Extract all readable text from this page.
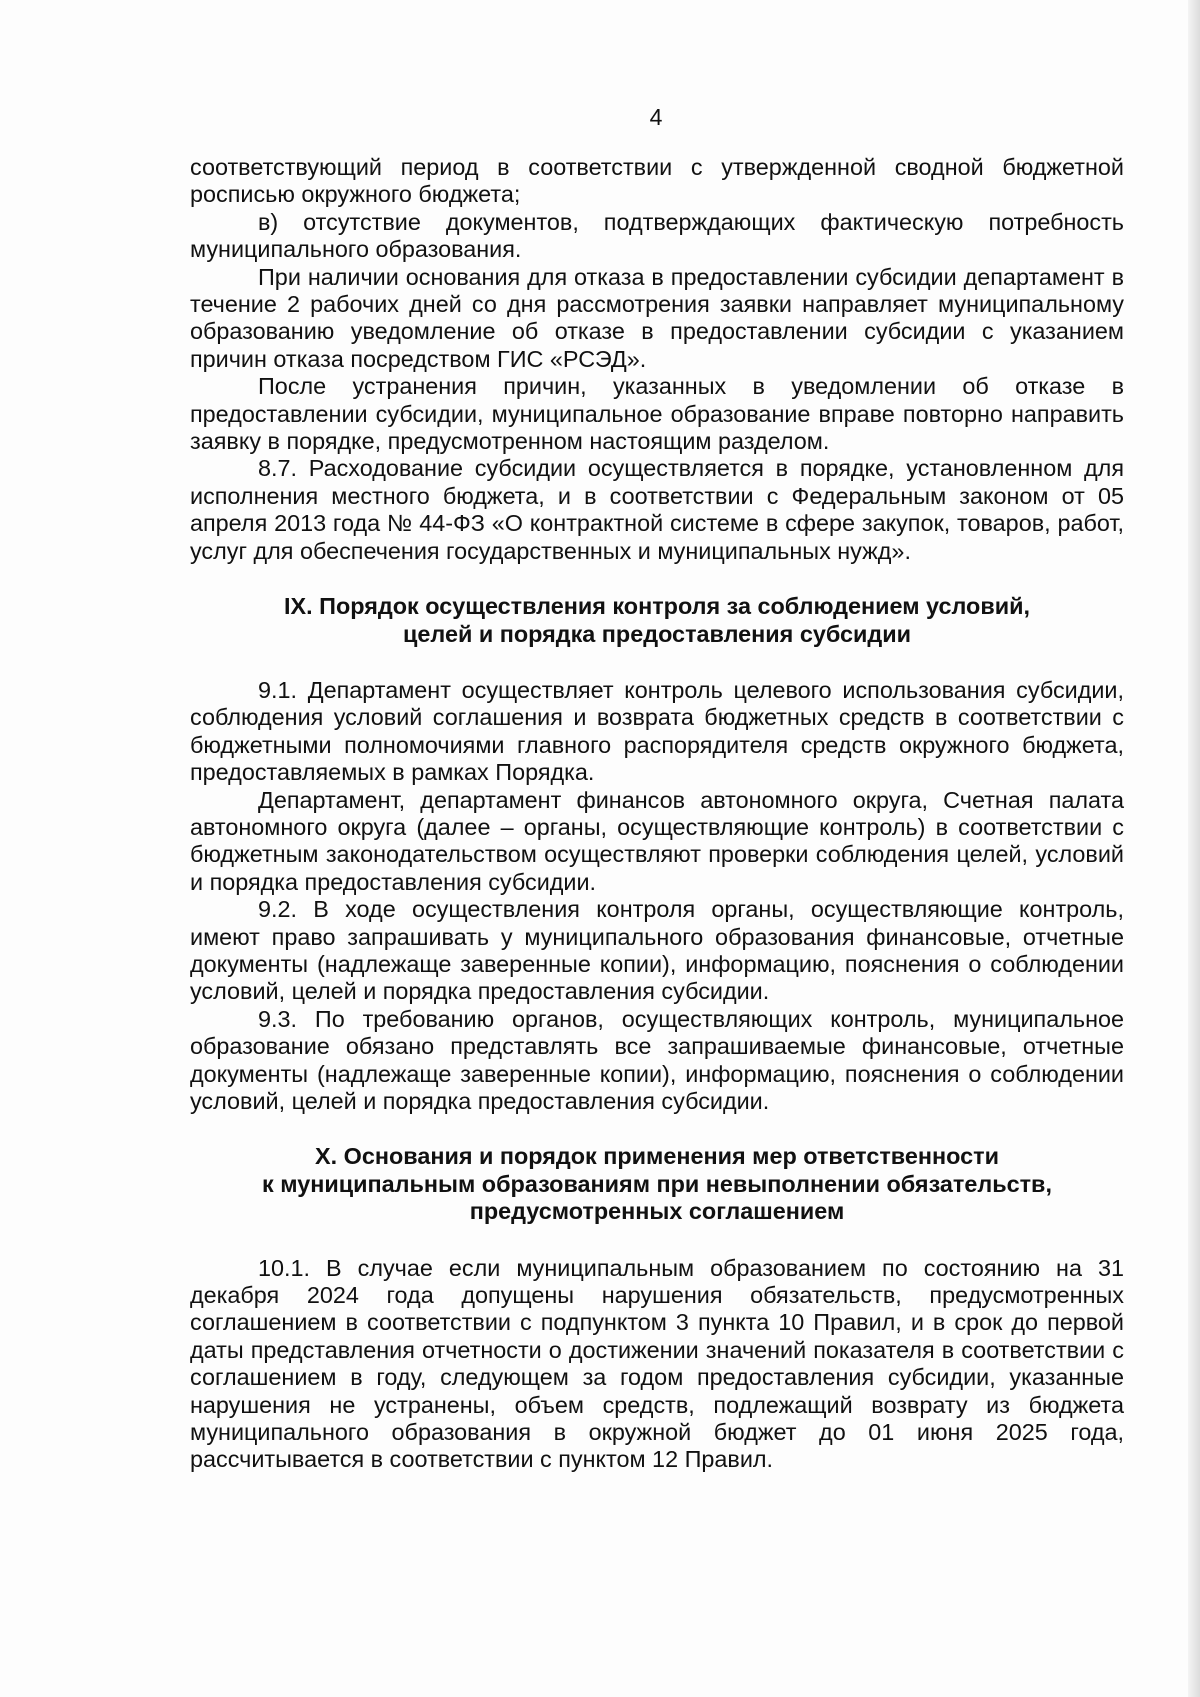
4

соответствующий период в соответствии с утвержденной сводной бюджетной росписью окружного бюджета;

в) отсутствие документов, подтверждающих фактическую потребность муниципального образования.

При наличии основания для отказа в предоставлении субсидии департамент в течение 2 рабочих дней со дня рассмотрения заявки направляет муниципальному образованию уведомление об отказе в предоставлении субсидии с указанием причин отказа посредством ГИС «РСЭД».

После устранения причин, указанных в уведомлении об отказе в предоставлении субсидии, муниципальное образование вправе повторно направить заявку в порядке, предусмотренном настоящим разделом.

8.7. Расходование субсидии осуществляется в порядке, установленном для исполнения местного бюджета, и в соответствии с Федеральным законом от 05 апреля 2013 года № 44-ФЗ «О контрактной системе в сфере закупок, товаров, работ, услуг для обеспечения государственных и муниципальных нужд».

IX. Порядок осуществления контроля за соблюдением условий,
целей и порядка предоставления субсидии

9.1. Департамент осуществляет контроль целевого использования субсидии, соблюдения условий соглашения и возврата бюджетных средств в соответствии с бюджетными полномочиями главного распорядителя средств окружного бюджета, предоставляемых в рамках Порядка.

Департамент, департамент финансов автономного округа, Счетная палата автономного округа (далее – органы, осуществляющие контроль) в соответствии с бюджетным законодательством осуществляют проверки соблюдения целей, условий и порядка предоставления субсидии.

9.2. В ходе осуществления контроля органы, осуществляющие контроль, имеют право запрашивать у муниципального образования финансовые, отчетные документы (надлежаще заверенные копии), информацию, пояснения о соблюдении условий, целей и порядка предоставления субсидии.

9.3. По требованию органов, осуществляющих контроль, муниципальное образование обязано представлять все запрашиваемые финансовые, отчетные документы (надлежаще заверенные копии), информацию, пояснения о соблюдении условий, целей и порядка предоставления субсидии.

X. Основания и порядок применения мер ответственности
к муниципальным образованиям при невыполнении обязательств,
предусмотренных соглашением

10.1. В случае если муниципальным образованием по состоянию на 31 декабря 2024 года допущены нарушения обязательств, предусмотренных соглашением в соответствии с подпунктом 3 пункта 10 Правил, и в срок до первой даты представления отчетности о достижении значений показателя в соответствии с соглашением в году, следующем за годом предоставления субсидии, указанные нарушения не устранены, объем средств, подлежащий возврату из бюджета муниципального образования в окружной бюджет до 01 июня 2025 года, рассчитывается в соответствии с пунктом 12 Правил.
